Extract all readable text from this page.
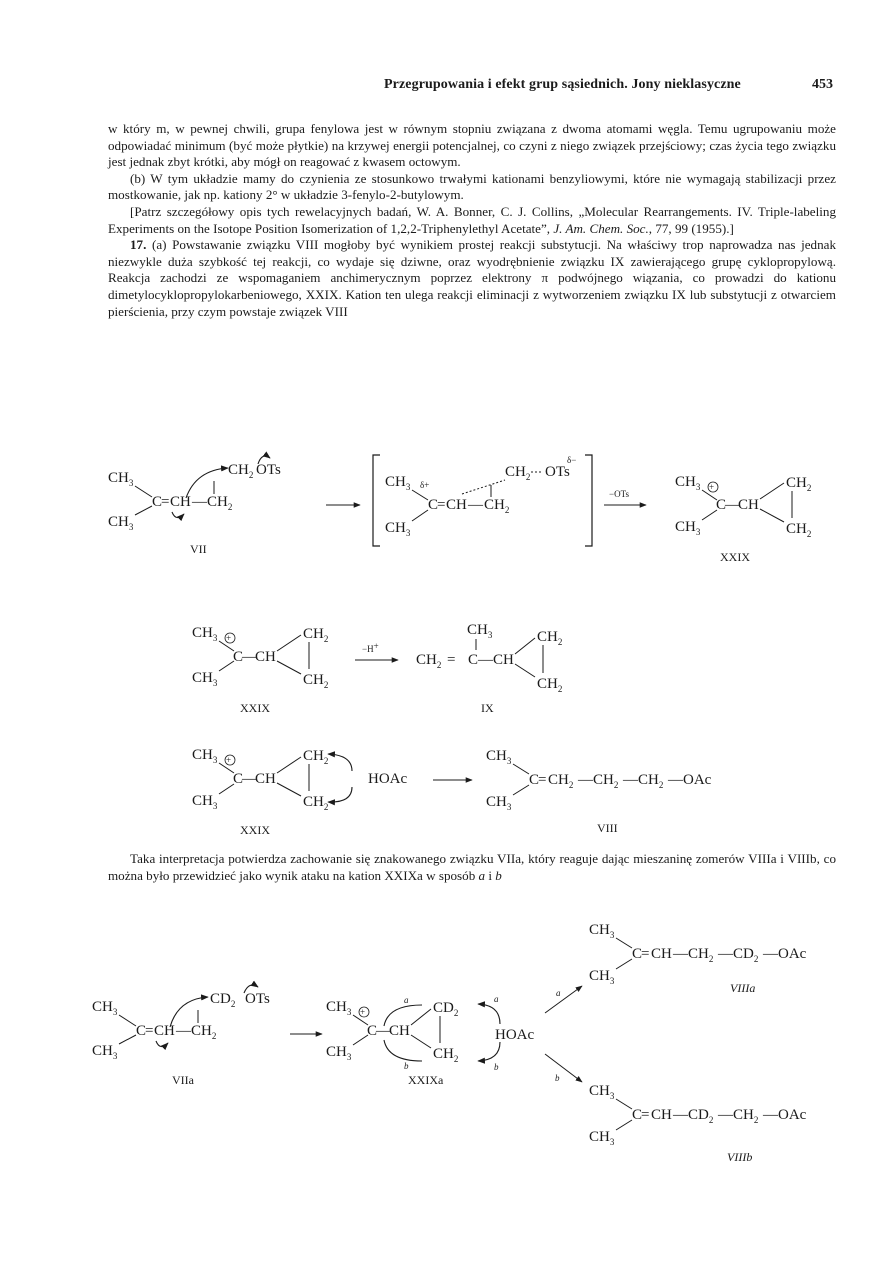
Przegrupowania i efekt grup sąsiednich. Jony nieklasyczne	453

w który m, w pewnej chwili, grupa fenylowa jest w równym stopniu związana z dwoma atomami węgla. Temu ugrupowaniu może odpowiadać minimum (być może płytkie) na krzywej energii potencjalnej, co czyni z niego związek przejściowy; czas życia tego związku jest jednak zbyt krótki, aby mógł on reagować z kwasem octowym.

(b) W tym układzie mamy do czynienia ze stosunkowo trwałymi kationami benzyliowymi, które nie wymagają stabilizacji przez mostkowanie, jak np. kationy 2° w układzie 3-fenylo-2-butylowym.

[Patrz szczegółowy opis tych rewelacyjnych badań, W. A. Bonner, C. J. Collins, „Molecular Rearrangements. IV. Triple-labeling Experiments on the Isotope Position Isomerization of 1,2,2-Triphenylethyl Acetate”, J. Am. Chem. Soc., 77, 99 (1955).]

17. (a) Powstawanie związku VIII mogłoby być wynikiem prostej reakcji substytucji. Na właściwy trop naprowadza nas jednak niezwykle duża szybkość tej reakcji, co wydaje się dziwne, oraz wyodrębnienie związku IX zawierającego grupę cyklopropylową. Reakcja zachodzi ze wspomaganiem anchimerycznym poprzez elektrony π podwójnego wiązania, co prowadzi do kationu dimetylocyklopropylokarbeniowego, XXIX. Kation ten ulega reakcji eliminacji z wytworzeniem związku IX lub substytucji z otwarciem pierścienia, przy czym powstaje związek VIII

Taka interpretacja potwierdza zachowanie się znakowanego związku VIIa, który reaguje dając mieszaninę zomerów VIIIa i VIIIb, co można było przewidzieć jako wynik ataku na kation XXIXa w sposób a i b

$CH_3$
$CH_3$
C
= CH — $CH_2$
$CH_2$ OTs
VII
$CH_3$
$CH_3$
δ+
C
= CH — $CH_2$
$CH_2$ OTs
δ−
−OTs
$CH_3$
$CH_3$
+
C
—
CH
$CH_2$
$CH_2$
XXIX
$CH_3$
$CH_3$
+
C
—
CH
$CH_2$
$CH_2$
XXIX
−H+
$CH_3$
$CH_2 = C$ — CH
$CH_2$
$CH_2$
IX
$CH_3$
$CH_3$
+
C
—
CH
$CH_2$
$CH_2$
HOAc
XXIX
$CH_3$
$CH_3$
C
= $CH_2$ — $CH_2$ — $CH_2$ — OAc
VIII
$CH_3$
$CH_3$
C
= CH — $CH_2$
$CD_2$ OTs
VIIa
$CH_3$
$CH_3$
+
C
—
CH
$CD_2$
$CH_2$
a
b
a
b
HOAc
XXIXa
a
b
$CH_3$
$CH_3$
C
= CH — $CH_2$ — $CD_2$ — OAc
VIIIa
$CH_3$
$CH_3$
C
= CH — $CD_2$ — $CH_2$ — OAc
VIIIb
